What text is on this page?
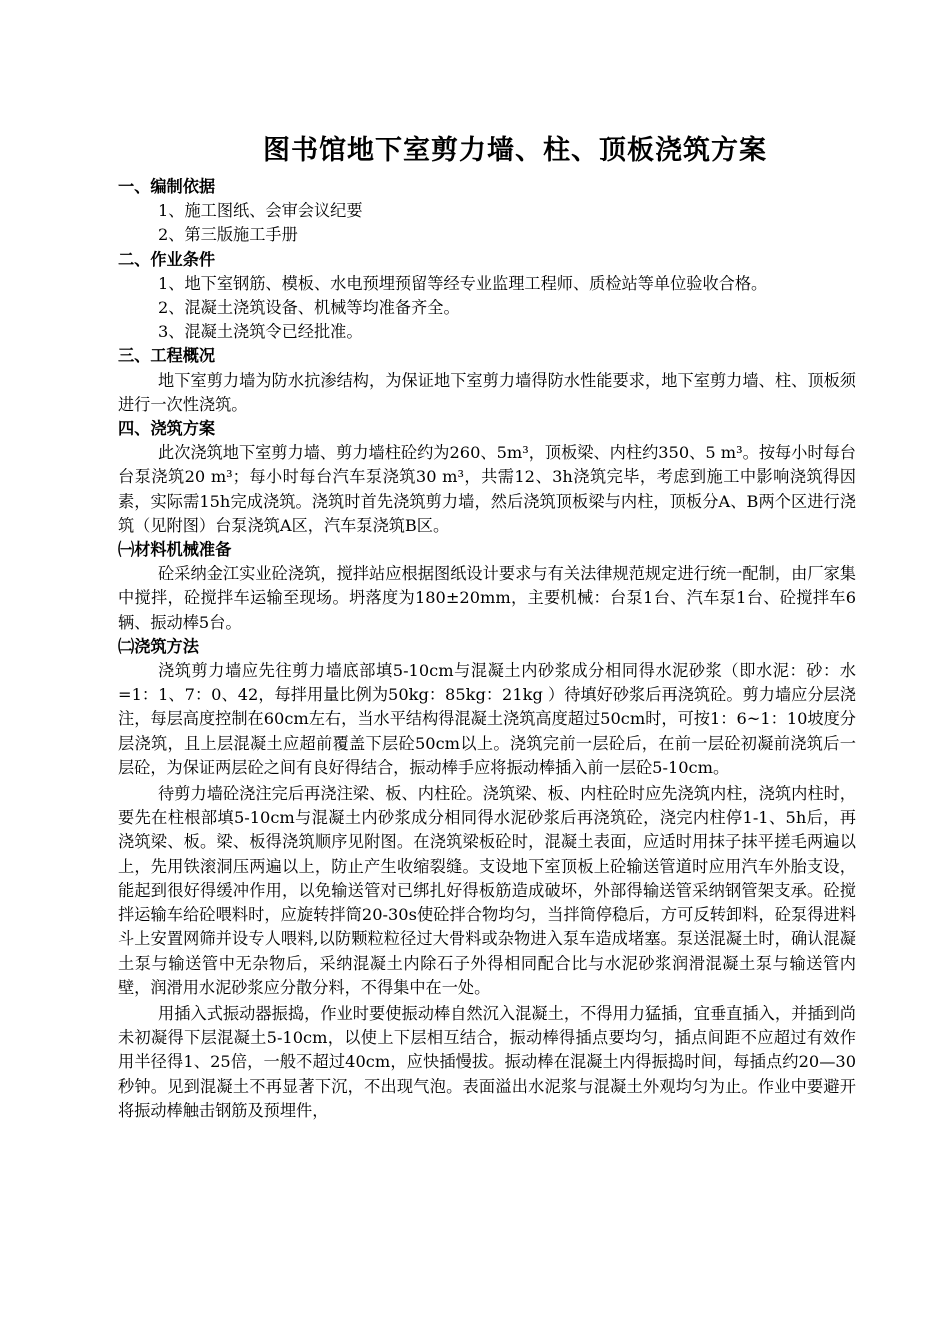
图书馆地下室剪力墙、柱、顶板浇筑方案

一、编制依据

1、施工图纸、会审会议纪要

2、第三版施工手册

二、作业条件

1、地下室钢筋、模板、水电预埋预留等经专业监理工程师、质检站等单位验收合格。

2、混凝土浇筑设备、机械等均准备齐全。

3、混凝土浇筑令已经批准。

三、工程概况

地下室剪力墙为防水抗渗结构，为保证地下室剪力墙得防水性能要求，地下室剪力墙、柱、顶板须进行一次性浇筑。

四、浇筑方案

此次浇筑地下室剪力墙、剪力墙柱砼约为260、5m³，顶板梁、内柱约350、5 m³。按每小时每台台泵浇筑20 m³；每小时每台汽车泵浇筑30 m³，共需12、3h浇筑完毕，考虑到施工中影响浇筑得因素，实际需15h完成浇筑。浇筑时首先浇筑剪力墙，然后浇筑顶板梁与内柱，顶板分A、B两个区进行浇筑（见附图）台泵浇筑A区，汽车泵浇筑B区。

㈠材料机械准备

砼采纳金江实业砼浇筑，搅拌站应根据图纸设计要求与有关法律规范规定进行统一配制，由厂家集中搅拌，砼搅拌车运输至现场。坍落度为180±20mm，主要机械：台泵1台、汽车泵1台、砼搅拌车6辆、振动棒5台。

㈡浇筑方法

浇筑剪力墙应先往剪力墙底部填5-10cm与混凝土内砂浆成分相同得水泥砂浆（即水泥：砂：水=1：1、7：0、42，每拌用量比例为50kg：85kg：21kg ）待填好砂浆后再浇筑砼。剪力墙应分层浇注，每层高度控制在60cm左右，当水平结构得混凝土浇筑高度超过50cm时，可按1：6~1：10坡度分层浇筑，且上层混凝土应超前覆盖下层砼50cm以上。浇筑完前一层砼后，在前一层砼初凝前浇筑后一层砼，为保证两层砼之间有良好得结合，振动棒手应将振动棒插入前一层砼5-10cm。

待剪力墙砼浇注完后再浇注梁、板、内柱砼。浇筑梁、板、内柱砼时应先浇筑内柱，浇筑内柱时，要先在柱根部填5-10cm与混凝土内砂浆成分相同得水泥砂浆后再浇筑砼，浇完内柱停1-1、5h后，再浇筑梁、板。梁、板得浇筑顺序见附图。在浇筑梁板砼时，混凝土表面，应适时用抹子抹平搓毛两遍以上，先用铁滚洞压两遍以上，防止产生收缩裂缝。支设地下室顶板上砼输送管道时应用汽车外胎支设，能起到很好得缓冲作用，以免输送管对已绑扎好得板筋造成破坏，外部得输送管采纳钢管架支承。砼搅拌运输车给砼喂料时，应旋转拌筒20-30s使砼拌合物均匀，当拌筒停稳后，方可反转卸料，砼泵得进料斗上安置网筛并设专人喂料,以防颗粒粒径过大骨料或杂物进入泵车造成堵塞。泵送混凝土时，确认混凝土泵与输送管中无杂物后，采纳混凝土内除石子外得相同配合比与水泥砂浆润滑混凝土泵与输送管内壁，润滑用水泥砂浆应分散分料，不得集中在一处。

用插入式振动器振捣，作业时要使振动棒自然沉入混凝土，不得用力猛插，宜垂直插入，并插到尚未初凝得下层混凝土5-10cm，以使上下层相互结合，振动棒得插点要均匀，插点间距不应超过有效作用半径得1、25倍，一般不超过40cm，应快插慢拔。振动棒在混凝土内得振捣时间，每插点约20—30秒钟。见到混凝土不再显著下沉，不出现气泡。表面溢出水泥浆与混凝土外观均匀为止。作业中要避开将振动棒触击钢筋及预埋件，
